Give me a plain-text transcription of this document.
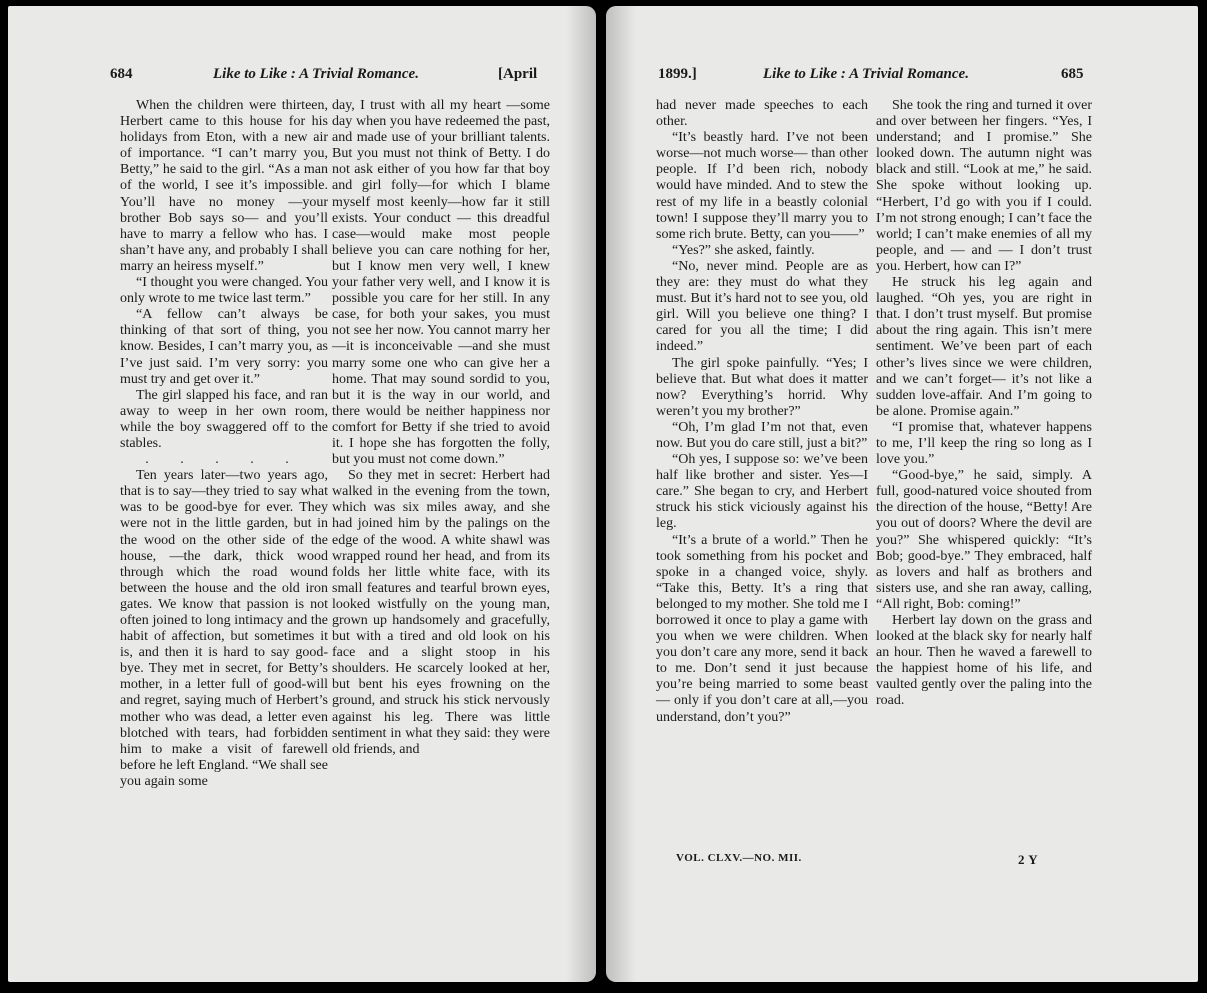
684	Like to Like : A Trivial Romance.	[April

When the children were thirteen, Herbert came to this house for his holidays from Eton, with a new air of importance. “I can’t marry you, Betty,” he said to the girl. “As a man of the world, I see it’s impossible. You’ll have no money —your brother Bob says so— and you’ll have to marry a fellow who has. I shan’t have any, and probably I shall marry an heiress myself.”

“I thought you were changed. You only wrote to me twice last term.”

“A fellow can’t always be thinking of that sort of thing, you know. Besides, I can’t marry you, as I’ve just said. I’m very sorry: you must try and get over it.”

The girl slapped his face, and ran away to weep in her own room, while the boy swaggered off to the stables.

. . . . .

Ten years later—two years ago, that is to say—they tried to say what was to be good-bye for ever. They were not in the little garden, but in the wood on the other side of the house, —the dark, thick wood through which the road wound between the house and the old iron gates. We know that passion is not often joined to long intimacy and the habit of affection, but sometimes it is, and then it is hard to say good-bye. They met in secret, for Betty’s mother, in a letter full of good-will and regret, saying much of Herbert’s mother who was dead, a letter even blotched with tears, had forbidden him to make a visit of farewell before he left England. “We shall see you again some

day, I trust with all my heart —some day when you have redeemed the past, and made use of your brilliant talents. But you must not think of Betty. I do not ask either of you how far that boy and girl folly—for which I blame myself most keenly—how far it still exists. Your conduct — this dreadful case—would make most people believe you can care nothing for her, but I know men very well, I knew your father very well, and I know it is possible you care for her still. In any case, for both your sakes, you must not see her now. You cannot marry her—it is inconceivable —and she must marry some one who can give her a home. That may sound sordid to you, but it is the way in our world, and there would be neither happiness nor comfort for Betty if she tried to avoid it. I hope she has forgotten the folly, but you must not come down.”

So they met in secret: Herbert had walked in the evening from the town, which was six miles away, and she had joined him by the palings on the edge of the wood. A white shawl was wrapped round her head, and from its folds her little white face, with its small features and tearful brown eyes, looked wistfully on the young man, grown up handsomely and gracefully, but with a tired and old look on his face and a slight stoop in his shoulders. He scarcely looked at her, but bent his eyes frowning on the ground, and struck his stick nervously against his leg. There was little sentiment in what they said: they were old friends, and

1899.]	Like to Like : A Trivial Romance.	685

had never made speeches to each other.

“It’s beastly hard. I’ve not been worse—not much worse— than other people. If I’d been rich, nobody would have minded. And to stew the rest of my life in a beastly colonial town! I suppose they’ll marry you to some rich brute. Betty, can you——”

“Yes?” she asked, faintly.

“No, never mind. People are as they are: they must do what they must. But it’s hard not to see you, old girl. Will you believe one thing? I cared for you all the time; I did indeed.”

The girl spoke painfully. “Yes; I believe that. But what does it matter now? Everything’s horrid. Why weren’t you my brother?”

“Oh, I’m glad I’m not that, even now. But you do care still, just a bit?”

“Oh yes, I suppose so: we’ve been half like brother and sister. Yes—I care.” She began to cry, and Herbert struck his stick viciously against his leg.

“It’s a brute of a world.” Then he took something from his pocket and spoke in a changed voice, shyly. “Take this, Betty. It’s a ring that belonged to my mother. She told me I borrowed it once to play a game with you when we were children. When you don’t care any more, send it back to me. Don’t send it just because you’re being married to some beast — only if you don’t care at all,—you understand, don’t you?”

She took the ring and turned it over and over between her fingers. “Yes, I understand; and I promise.” She looked down. The autumn night was black and still. “Look at me,” he said. She spoke without looking up. “Herbert, I’d go with you if I could. I’m not strong enough; I can’t face the world; I can’t make enemies of all my people, and — and — I don’t trust you. Herbert, how can I?”

He struck his leg again and laughed. “Oh yes, you are right in that. I don’t trust myself. But promise about the ring again. This isn’t mere sentiment. We’ve been part of each other’s lives since we were children, and we can’t forget— it’s not like a sudden love-affair. And I’m going to be alone. Promise again.”

“I promise that, whatever happens to me, I’ll keep the ring so long as I love you.”

“Good-bye,” he said, simply. A full, good-natured voice shouted from the direction of the house, “Betty! Are you out of doors? Where the devil are you?” She whispered quickly: “It’s Bob; good-bye.” They embraced, half as lovers and half as brothers and sisters use, and she ran away, calling, “All right, Bob: coming!”

Herbert lay down on the grass and looked at the black sky for nearly half an hour. Then he waved a farewell to the happiest home of his life, and vaulted gently over the paling into the road.

VOL. CLXV.—NO. MII.	2 Y
